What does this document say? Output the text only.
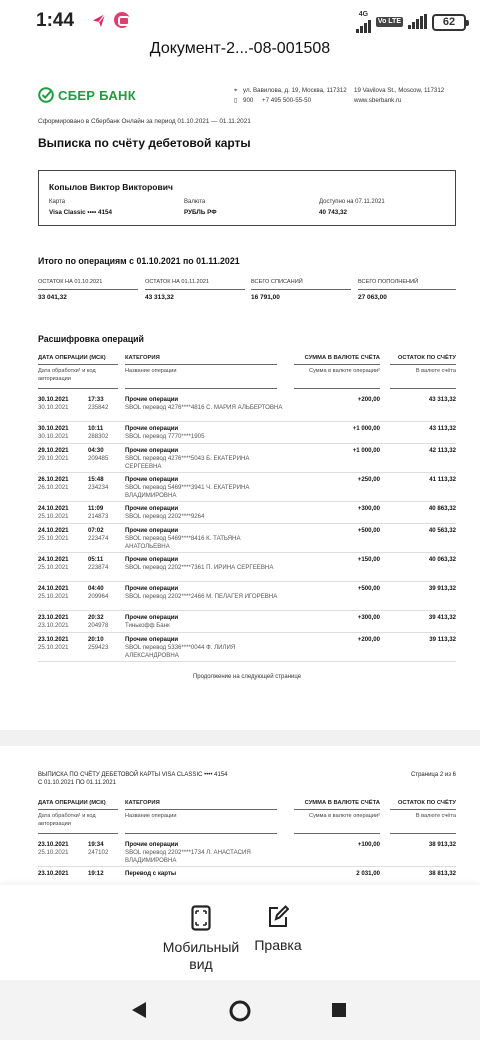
1:44	4G
Vo LTE	62
Документ-2...-08-001508
СБЕР БАНК	⌖ ул. Вавилова, д. 19, Москва, 117312 19 Vavilova St., Moscow, 117312
▯ 900 +7 495 500-55-50	www.sberbank.ru
Сформировано в Сбербанк Онлайн за период 01.10.2021 — 01.11.2021
Выписка по счёту дебетовой карты
Копылов Виктор Викторович
Карта
Visa Classic •••• 4154
Валюта
РУБЛЬ РФ
Доступно на 07.11.2021
40 743,32
Итого по операциям с 01.10.2021 по 01.11.2021
ОСТАТОК НА 01.10.2021	ОСТАТОК НА 01.11.2021	ВСЕГО СПИСАНИЙ	ВСЕГО ПОПОЛНЕНИЙ
33 041,32	43 313,32	16 791,00	27 063,00
Расшифровка операций
ДАТА ОПЕРАЦИИ (МСК)	КАТЕГОРИЯ	СУММА В ВАЛЮТЕ СЧЁТА	ОСТАТОК ПО СЧЁТУ
Дата обработки¹ и код авторизации
Название операции	Сумма в валюте операции²	В валюте счёта
30.10.2021	17:33
30.10.2021	235842
Прочие операции
SBOL перевод 4276****4816 С. МАРИЯ АЛЬБЕРТОВНА
+200,00	43 313,32
30.10.2021	10:11
30.10.2021	288302
Прочие операции
SBOL перевод 7770****1905
+1 000,00	43 113,32
29.10.2021	04:30
29.10.2021	209485
Прочие операции
SBOL перевод 4276****5043 Б. ЕКАТЕРИНА СЕРГЕЕВНА
+1 000,00	42 113,32
26.10.2021	15:48
26.10.2021	234234
Прочие операции
SBOL перевод 5469****3941 Ч. ЕКАТЕРИНА ВЛАДИМИРОВНА
+250,00	41 113,32
24.10.2021	11:09
25.10.2021	214873
Прочие операции
SBOL перевод 2202****9264
+300,00	40 863,32
24.10.2021	07:02
25.10.2021	223474
Прочие операции
SBOL перевод 5469****8416 К. ТАТЬЯНА АНАТОЛЬЕВНА
+500,00	40 563,32
24.10.2021	05:11
25.10.2021	223874
Прочие операции
SBOL перевод 2202****7361 П. ИРИНА СЕРГЕЕВНА
+150,00	40 063,32
24.10.2021	04:40
25.10.2021	209964
Прочие операции
SBOL перевод 2202****2466 М. ПЕЛАГЕЯ ИГОРЕВНА
+500,00	39 913,32
23.10.2021	20:32
23.10.2021	204978
Прочие операции
Тинькофф Банк
+300,00	39 413,32
23.10.2021	20:10
25.10.2021	259423
Прочие операции
SBOL перевод 5336****0044 Ф. ЛИЛИЯ АЛЕКСАНДРОВНА
+200,00	39 113,32
Продолжение на следующей странице
ВЫПИСКА ПО СЧЁТУ ДЕБЕТОВОЙ КАРТЫ VISA CLASSIC •••• 4154
С 01.10.2021 ПО 01.11.2021
Страница 2 из 6
ДАТА ОПЕРАЦИИ (МСК)	КАТЕГОРИЯ	СУММА В ВАЛЮТЕ СЧЁТА	ОСТАТОК ПО СЧЁТУ
Дата обработки¹ и код авторизации
Название операции	Сумма в валюте операции²	В валюте счёта
23.10.2021	19:34
25.10.2021	247102
Прочие операции
SBOL перевод 2202****1734 Л. АНАСТАСИЯ ВЛАДИМИРОВНА
+100,00	38 913,32
23.10.2021	19:12	Перевод с карты	2 031,00	38 813,32
Мобильный вид
Правка
